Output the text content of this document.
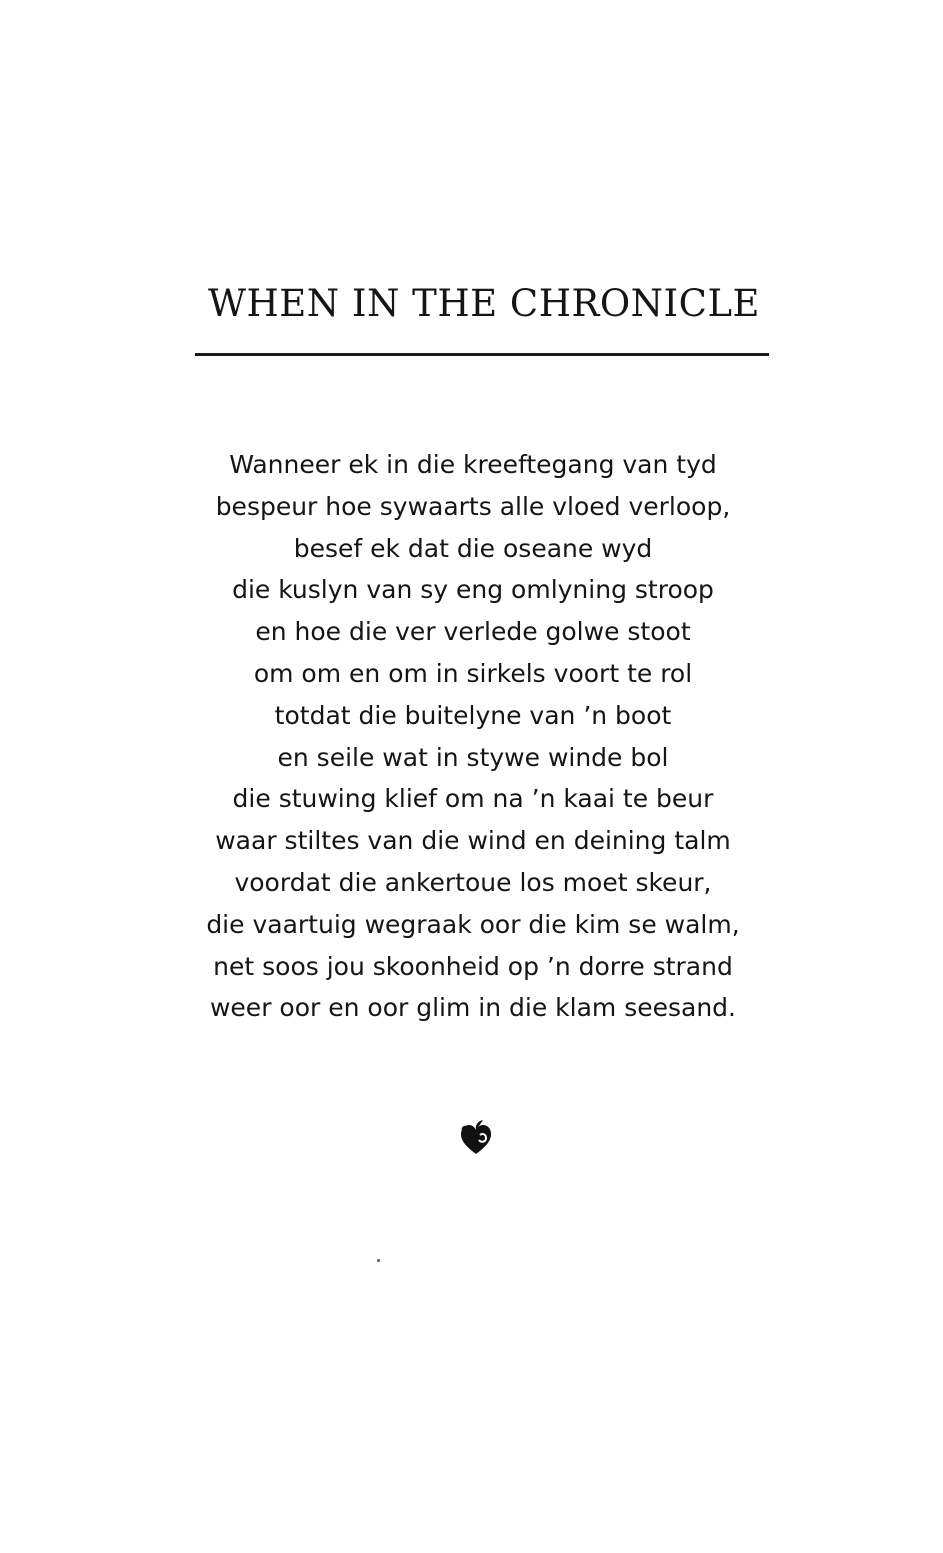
WHEN IN THE CHRONICLE
Wanneer ek in die kreeftegang van tyd
bespeur hoe sywaarts alle vloed verloop,
besef ek dat die oseane wyd
die kuslyn van sy eng omlyning stroop
en hoe die ver verlede golwe stoot
om om en om in sirkels voort te rol
totdat die buitelyne van ’n boot
en seile wat in stywe winde bol
die stuwing klief om na ’n kaai te beur
waar stiltes van die wind en deining talm
voordat die ankertoue los moet skeur,
die vaartuig wegraak oor die kim se walm,
net soos jou skoonheid op ’n dorre strand
weer oor en oor glim in die klam seesand.
